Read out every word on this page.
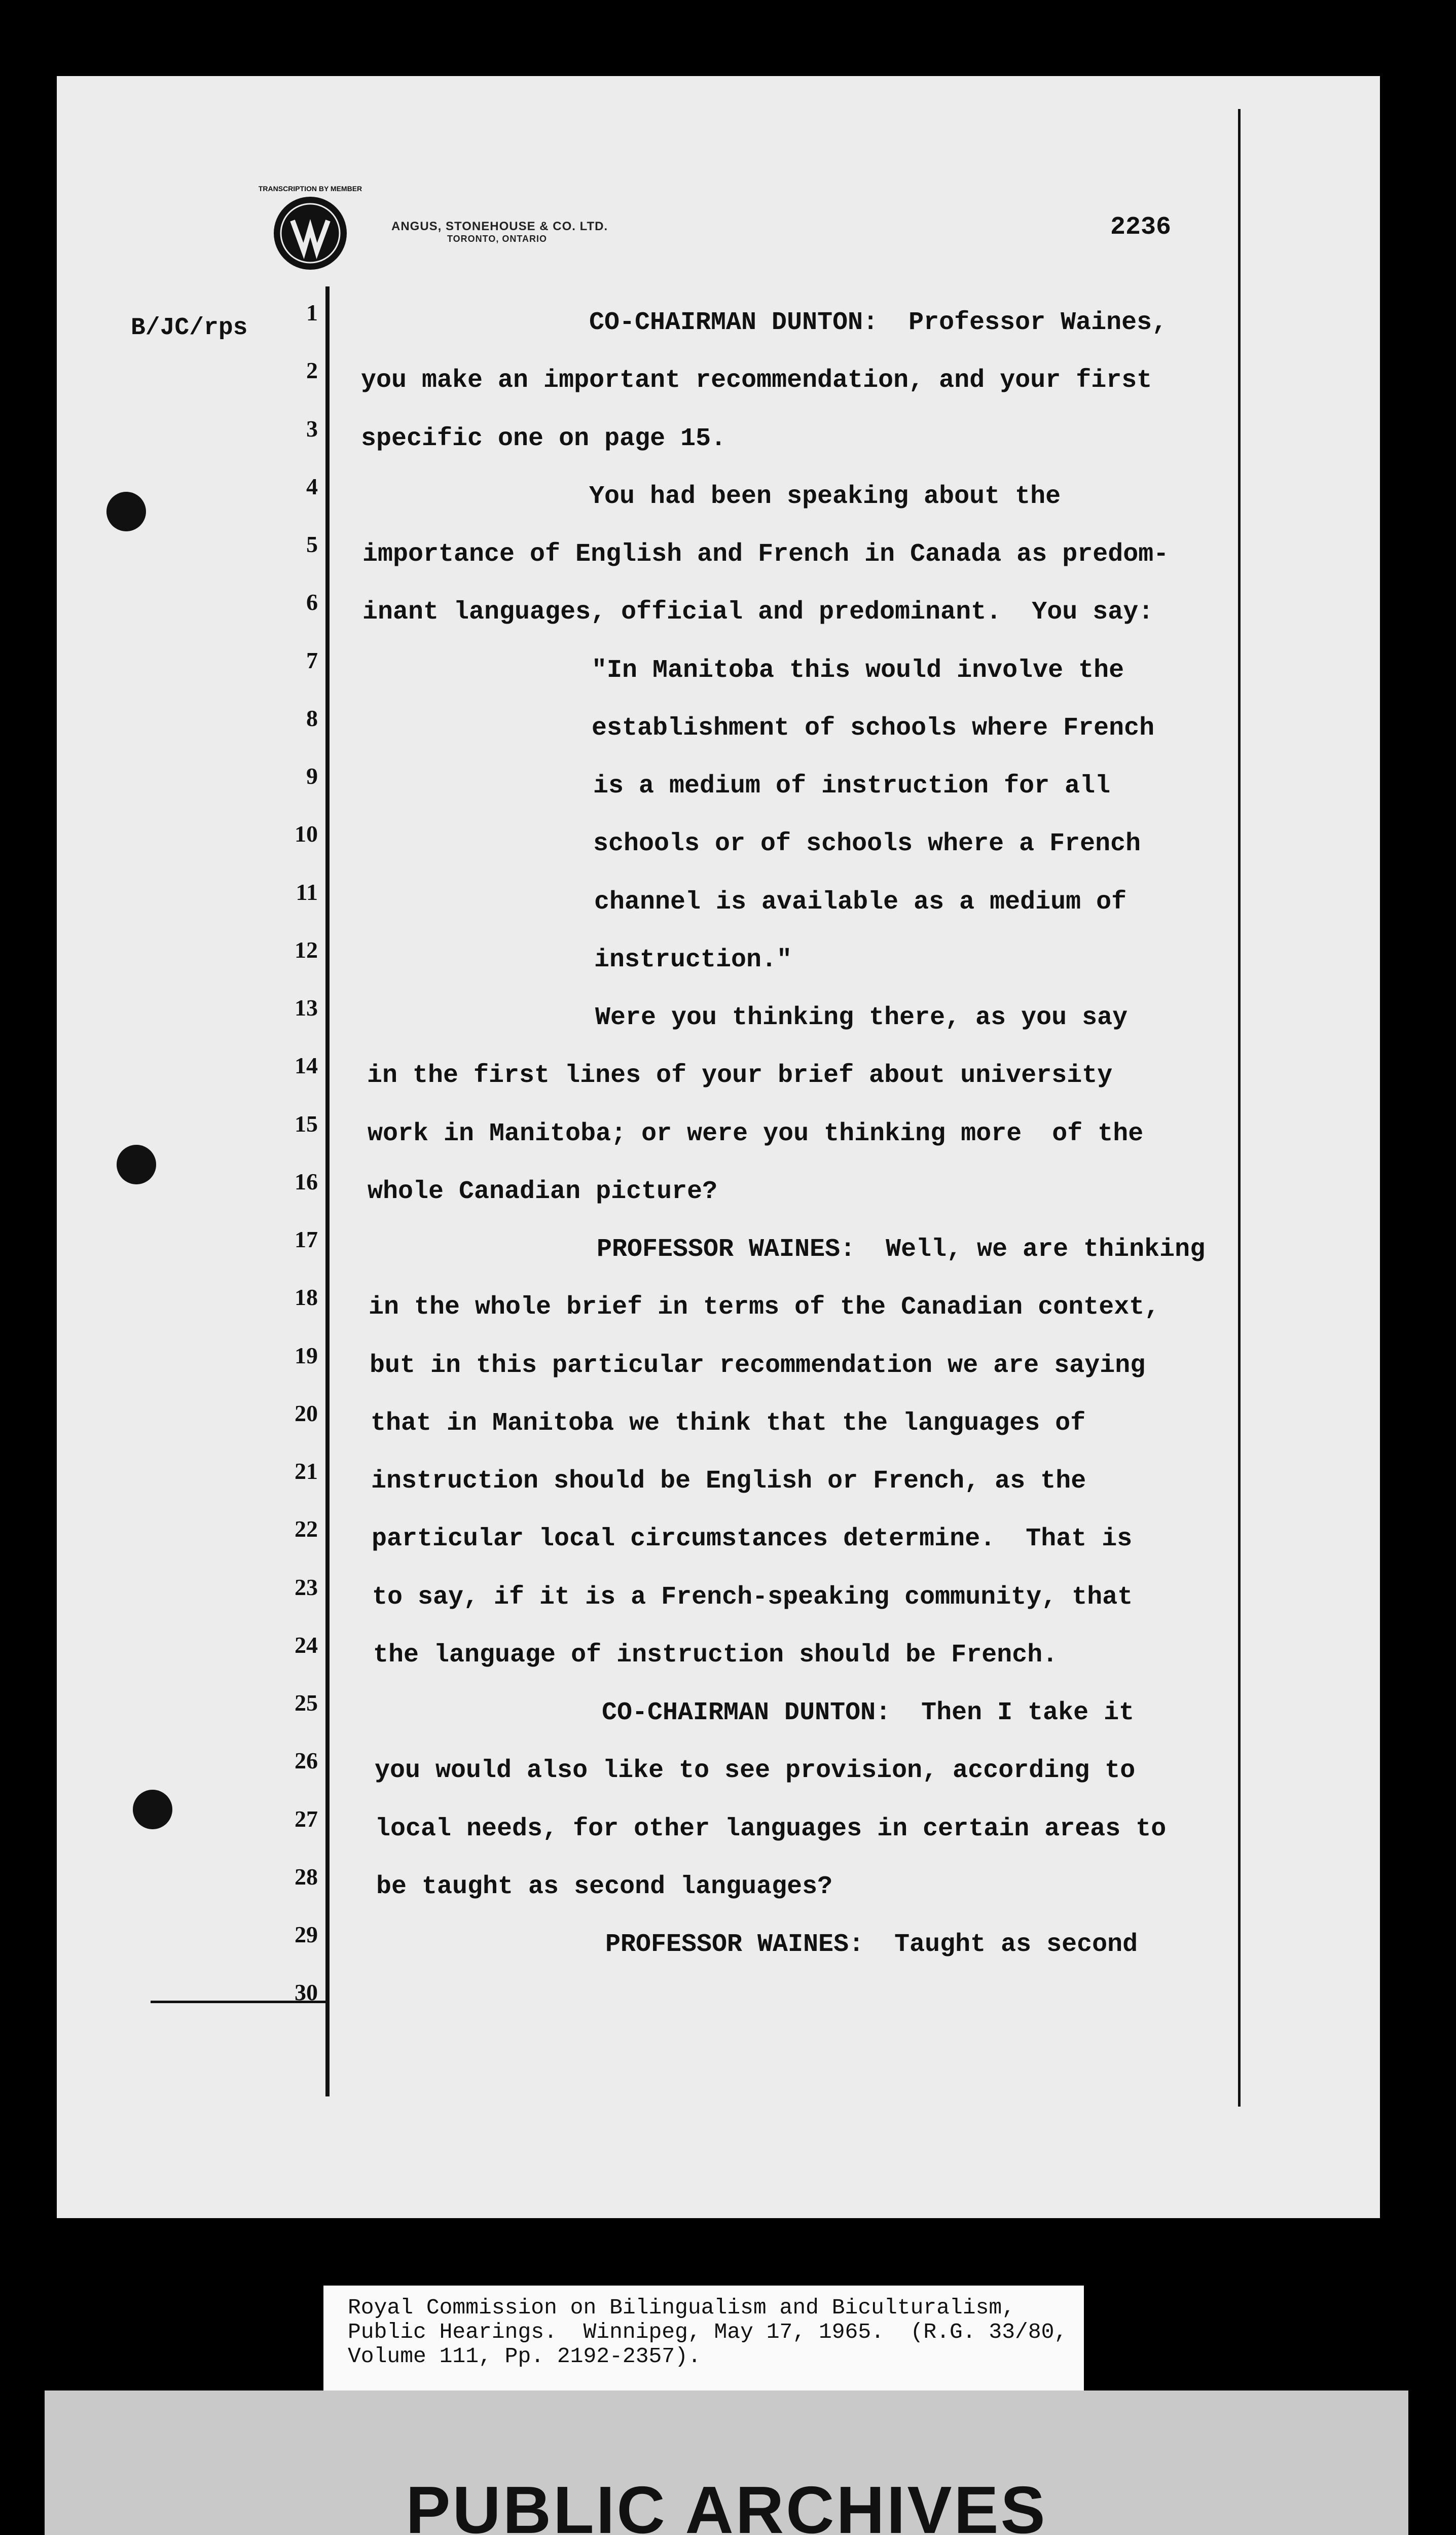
TRANSCRIPTION BY MEMBER
ANGUS, STONEHOUSE & CO. LTD.
TORONTO, ONTARIO	2236
B/JC/rps
1
2
3
4
5
6
7
8
9
10
11
12
13
14
15
16
17
18
19
20
21
22
23
24
25
26
27
28
29
30
CO-CHAIRMAN DUNTON:  Professor Waines,
you make an important recommendation, and your first
specific one on page 15.
You had been speaking about the
importance of English and French in Canada as predom-
inant languages, official and predominant.  You say:
"In Manitoba this would involve the
establishment of schools where French
is a medium of instruction for all
schools or of schools where a French
channel is available as a medium of
instruction."
Were you thinking there, as you say
in the first lines of your brief about university
work in Manitoba; or were you thinking more  of the
whole Canadian picture?
PROFESSOR WAINES:  Well, we are thinking
in the whole brief in terms of the Canadian context,
but in this particular recommendation we are saying
that in Manitoba we think that the languages of
instruction should be English or French, as the
particular local circumstances determine.  That is
to say, if it is a French-speaking community, that
the language of instruction should be French.
CO-CHAIRMAN DUNTON:  Then I take it
you would also like to see provision, according to
local needs, for other languages in certain areas to
be taught as second languages?
PROFESSOR WAINES:  Taught as second
Royal Commission on Bilingualism and Biculturalism,
Public Hearings.  Winnipeg, May 17, 1965.  (R.G. 33/80,
Volume 111, Pp. 2192-2357).
PUBLIC ARCHIVES
